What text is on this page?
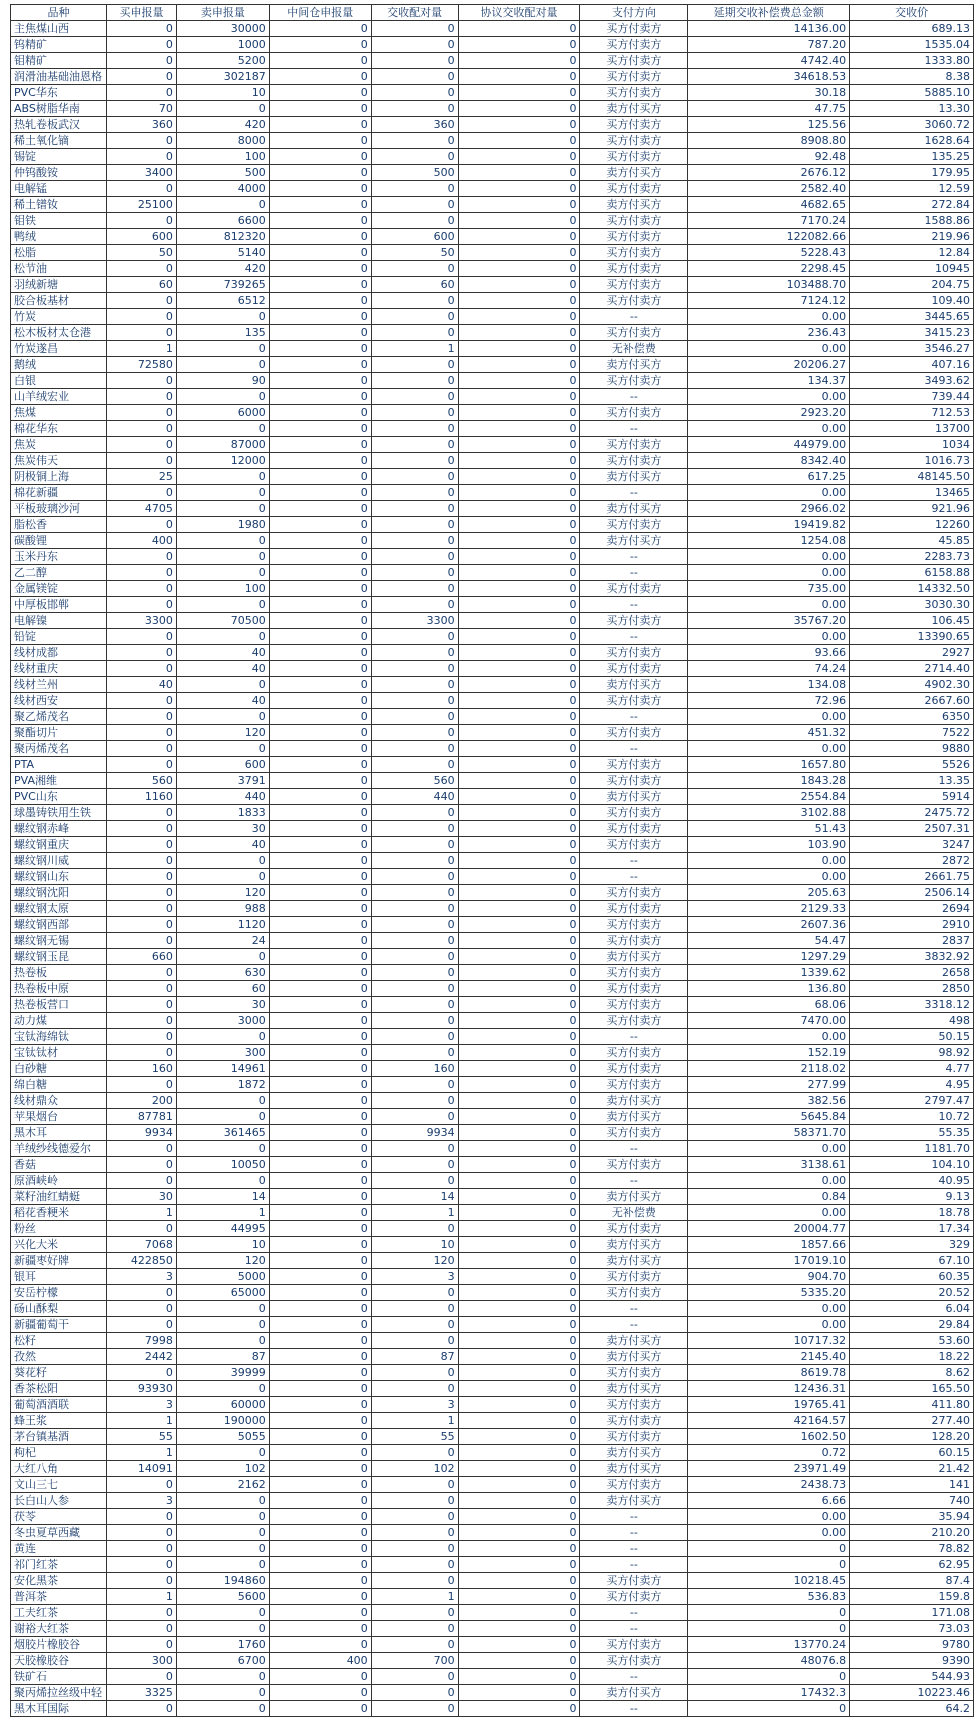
品种	买申报量	卖申报量	中间仓申报量	交收配对量	协议交收配对量	支付方向	延期交收补偿费总金额	交收价
主焦煤山西	0	30000	0	0	0	买方付卖方	14136.00	689.13
钨精矿	0	1000	0	0	0	买方付卖方	787.20	1535.04
钼精矿	0	5200	0	0	0	买方付卖方	4742.40	1333.80
润滑油基础油恩格	0	302187	0	0	0	买方付卖方	34618.53	8.38
PVC华东	0	10	0	0	0	买方付卖方	30.18	5885.10
ABS树脂华南	70	0	0	0	0	卖方付买方	47.75	13.30
热轧卷板武汉	360	420	0	360	0	买方付卖方	125.56	3060.72
稀土氧化镝	0	8000	0	0	0	买方付卖方	8908.80	1628.64
锡锭	0	100	0	0	0	买方付卖方	92.48	135.25
仲钨酸铵	3400	500	0	500	0	卖方付买方	2676.12	179.95
电解锰	0	4000	0	0	0	买方付卖方	2582.40	12.59
稀土镨钕	25100	0	0	0	0	卖方付买方	4682.65	272.84
钼铁	0	6600	0	0	0	买方付卖方	7170.24	1588.86
鸭绒	600	812320	0	600	0	买方付卖方	122082.66	219.96
松脂	50	5140	0	50	0	买方付卖方	5228.43	12.84
松节油	0	420	0	0	0	买方付卖方	2298.45	10945
羽绒新塘	60	739265	0	60	0	买方付卖方	103488.70	204.75
胶合板基材	0	6512	0	0	0	买方付卖方	7124.12	109.40
竹炭	0	0	0	0	0	--	0.00	3445.65
松木板材太仓港	0	135	0	0	0	买方付卖方	236.43	3415.23
竹炭遂昌	1	0	0	1	0	无补偿费	0.00	3546.27
鹅绒	72580	0	0	0	0	卖方付买方	20206.27	407.16
白银	0	90	0	0	0	买方付卖方	134.37	3493.62
山羊绒宏业	0	0	0	0	0	--	0.00	739.44
焦煤	0	6000	0	0	0	买方付卖方	2923.20	712.53
棉花华东	0	0	0	0	0	--	0.00	13700
焦炭	0	87000	0	0	0	买方付卖方	44979.00	1034
焦炭伟天	0	12000	0	0	0	买方付卖方	8342.40	1016.73
阴极铜上海	25	0	0	0	0	卖方付买方	617.25	48145.50
棉花新疆	0	0	0	0	0	--	0.00	13465
平板玻璃沙河	4705	0	0	0	0	卖方付买方	2966.02	921.96
脂松香	0	1980	0	0	0	买方付卖方	19419.82	12260
碳酸锂	400	0	0	0	0	卖方付买方	1254.08	45.85
玉米丹东	0	0	0	0	0	--	0.00	2283.73
乙二醇	0	0	0	0	0	--	0.00	6158.88
金属镁锭	0	100	0	0	0	买方付卖方	735.00	14332.50
中厚板邯郸	0	0	0	0	0	--	0.00	3030.30
电解镍	3300	70500	0	3300	0	买方付卖方	35767.20	106.45
铅锭	0	0	0	0	0	--	0.00	13390.65
线材成都	0	40	0	0	0	买方付卖方	93.66	2927
线材重庆	0	40	0	0	0	买方付卖方	74.24	2714.40
线材兰州	40	0	0	0	0	卖方付买方	134.08	4902.30
线材西安	0	40	0	0	0	买方付卖方	72.96	2667.60
聚乙烯茂名	0	0	0	0	0	--	0.00	6350
聚酯切片	0	120	0	0	0	买方付卖方	451.32	7522
聚丙烯茂名	0	0	0	0	0	--	0.00	9880
PTA	0	600	0	0	0	买方付卖方	1657.80	5526
PVA湘维	560	3791	0	560	0	买方付卖方	1843.28	13.35
PVC山东	1160	440	0	440	0	卖方付买方	2554.84	5914
球墨铸铁用生铁	0	1833	0	0	0	买方付卖方	3102.88	2475.72
螺纹钢赤峰	0	30	0	0	0	买方付卖方	51.43	2507.31
螺纹钢重庆	0	40	0	0	0	买方付卖方	103.90	3247
螺纹钢川威	0	0	0	0	0	--	0.00	2872
螺纹钢山东	0	0	0	0	0	--	0.00	2661.75
螺纹钢沈阳	0	120	0	0	0	买方付卖方	205.63	2506.14
螺纹钢太原	0	988	0	0	0	买方付卖方	2129.33	2694
螺纹钢西部	0	1120	0	0	0	买方付卖方	2607.36	2910
螺纹钢无锡	0	24	0	0	0	买方付卖方	54.47	2837
螺纹钢玉昆	660	0	0	0	0	卖方付买方	1297.29	3832.92
热卷板	0	630	0	0	0	买方付卖方	1339.62	2658
热卷板中原	0	60	0	0	0	买方付卖方	136.80	2850
热卷板营口	0	30	0	0	0	买方付卖方	68.06	3318.12
动力煤	0	3000	0	0	0	买方付卖方	7470.00	498
宝钛海绵钛	0	0	0	0	0	--	0.00	50.15
宝钛钛材	0	300	0	0	0	买方付卖方	152.19	98.92
白砂糖	160	14961	0	160	0	买方付卖方	2118.02	4.77
绵白糖	0	1872	0	0	0	买方付卖方	277.99	4.95
线材鼎众	200	0	0	0	0	卖方付买方	382.56	2797.47
苹果烟台	87781	0	0	0	0	卖方付买方	5645.84	10.72
黑木耳	9934	361465	0	9934	0	买方付卖方	58371.70	55.35
羊绒纱线德爱尔	0	0	0	0	0	--	0.00	1181.70
香菇	0	10050	0	0	0	买方付卖方	3138.61	104.10
原酒峡岭	0	0	0	0	0	--	0.00	40.95
菜籽油红蜻蜓	30	14	0	14	0	卖方付买方	0.84	9.13
稻花香粳米	1	1	0	1	0	无补偿费	0.00	18.78
粉丝	0	44995	0	0	0	买方付卖方	20004.77	17.34
兴化大米	7068	10	0	10	0	卖方付买方	1857.66	329
新疆枣好牌	422850	120	0	120	0	卖方付买方	17019.10	67.10
银耳	3	5000	0	3	0	买方付卖方	904.70	60.35
安岳柠檬	0	65000	0	0	0	买方付卖方	5335.20	20.52
砀山酥梨	0	0	0	0	0	--	0.00	6.04
新疆葡萄干	0	0	0	0	0	--	0.00	29.84
松籽	7998	0	0	0	0	卖方付买方	10717.32	53.60
孜然	2442	87	0	87	0	卖方付买方	2145.40	18.22
葵花籽	0	39999	0	0	0	买方付卖方	8619.78	8.62
香茶松阳	93930	0	0	0	0	卖方付买方	12436.31	165.50
葡萄酒酒联	3	60000	0	3	0	买方付卖方	19765.41	411.80
蜂王浆	1	190000	0	1	0	买方付卖方	42164.57	277.40
茅台镇基酒	55	5055	0	55	0	买方付卖方	1602.50	128.20
枸杞	1	0	0	0	0	卖方付买方	0.72	60.15
大红八角	14091	102	0	102	0	卖方付买方	23971.49	21.42
文山三七	0	2162	0	0	0	买方付卖方	2438.73	141
长白山人参	3	0	0	0	0	卖方付买方	6.66	740
茯苓	0	0	0	0	0	--	0.00	35.94
冬虫夏草西藏	0	0	0	0	0	--	0.00	210.20
黄连	0	0	0	0	0	--	0	78.82
祁门红茶	0	0	0	0	0	--	0	62.95
安化黑茶	0	194860	0	0	0	买方付卖方	10218.45	87.4
普洱茶	1	5600	0	1	0	买方付卖方	536.83	159.8
工夫红茶	0	0	0	0	0	--	0	171.08
谢裕大红茶	0	0	0	0	0	--	0	73.03
烟胶片橡胶谷	0	1760	0	0	0	买方付卖方	13770.24	9780
天胶橡胶谷	300	6700	400	700	0	买方付卖方	48076.8	9390
铁矿石	0	0	0	0	0	--	0	544.93
聚丙烯拉丝级中轻	3325	0	0	0	0	卖方付买方	17432.3	10223.46
黑木耳国际	0	0	0	0	0	--	0	64.2
